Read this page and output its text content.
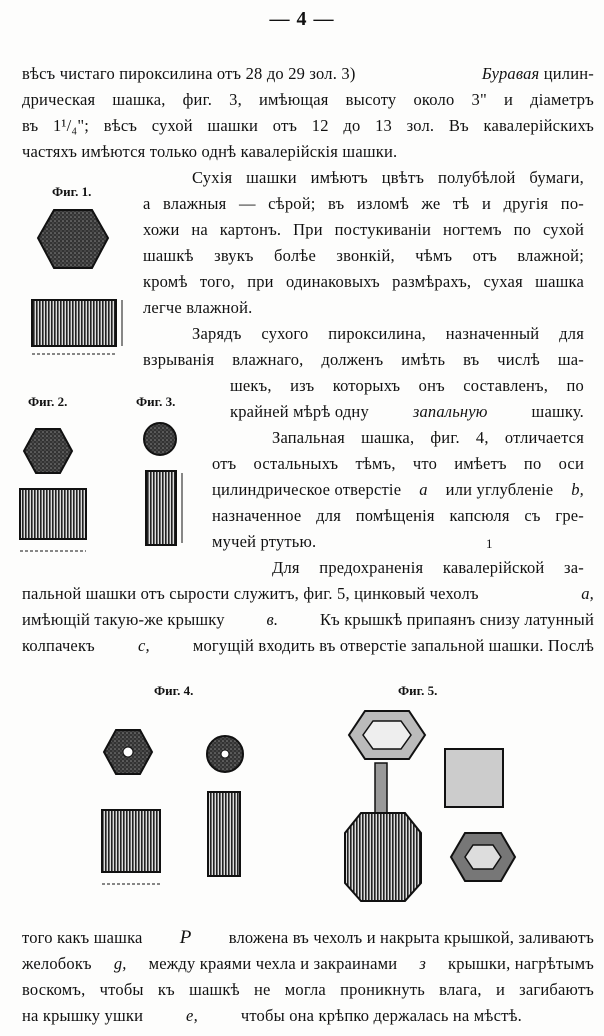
— 4 —
вѣсъ чистаго пироксилина отъ 28 до 29 зол. 3)	Буравая цилин-
дрическая шашка, фиг. 3, имѣющая высоту около 3" и діаметръ
въ 1¹/₄"; вѣсъ сухой шашки отъ 12 до 13 зол. Въ кавалерійскихъ
частяхъ имѣются только однѣ кавалерійскія шашки.
Сухія шашки имѣютъ цвѣтъ полубѣлой бумаги,
а влажныя — сѣрой; въ изломѣ же тѣ и другія по-
хожи на картонъ. При постукиваніи ногтемъ по сухой
шашкѣ звукъ болѣе звонкій, чѣмъ отъ влажной;
кромѣ того, при одинаковыхъ размѣрахъ, сухая шашка
легче влажной.
Зарядъ сухого пироксилина, назначенный для
взрыванія влажнаго, долженъ имѣть въ числѣ ша-
шекъ, изъ которыхъ онъ составленъ, по
крайней мѣрѣ одну	запальную	шашку.
Запальная шашка, фиг. 4, отличается
отъ остальныхъ тѣмъ, что имѣетъ по оси
цилиндрическое отверстіе a или углубленіе b,
назначенное для помѣщенія капсюля съ гре-
мучей ртутью.	1
Для предохраненія кавалерійской за-
пальной шашки отъ сырости служитъ, фиг. 5, цинковый чехолъ	a,
имѣющій такую-же крышку	в.	Къ крышкѣ припаянъ снизу латунный
колпачекъ	c,	могущій входить въ отверстіе запальной шашки. Послѣ
того какъ шашка P вложена въ чехолъ и накрыта крышкой, заливаютъ
желобокъ g, между краями чехла и закраинами з крышки, нагрѣтымъ
воскомъ, чтобы къ шашкѣ не могла проникнуть влага, и загибаютъ
на крышку ушки	e,	чтобы она крѣпко держалась на мѣстѣ.
Фиг. 1.
Фиг. 2.	Фиг. 3.
Фиг. 4.	Фиг. 5.
